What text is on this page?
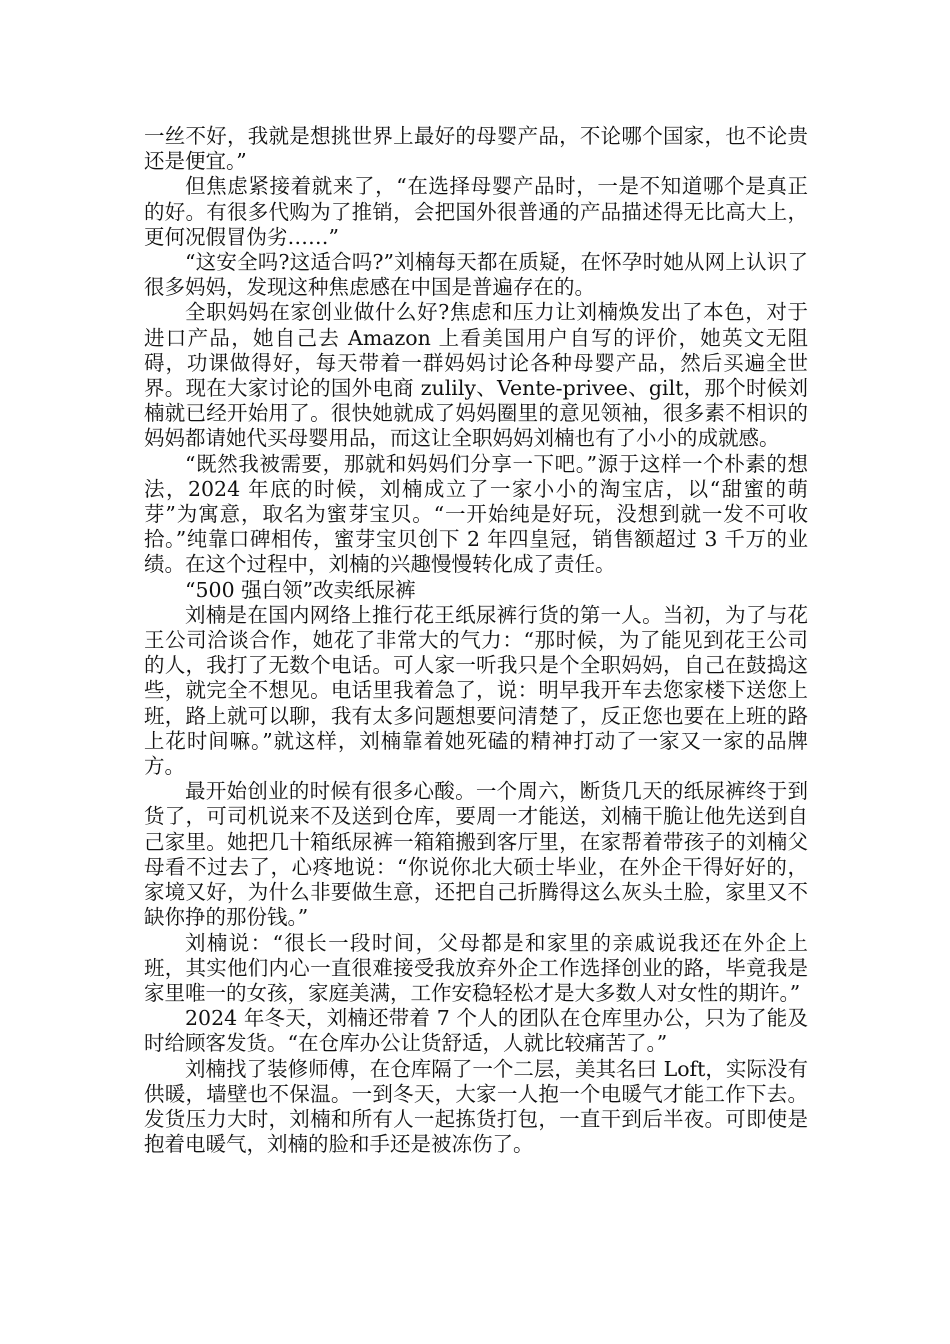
一丝不好，我就是想挑世界上最好的母婴产品，不论哪个国家，也不论贵还是便宜。”

但焦虑紧接着就来了，“在选择母婴产品时，一是不知道哪个是真正的好。有很多代购为了推销，会把国外很普通的产品描述得无比高大上，更何况假冒伪劣……”

“这安全吗?这适合吗?”刘楠每天都在质疑，在怀孕时她从网上认识了很多妈妈，发现这种焦虑感在中国是普遍存在的。

全职妈妈在家创业做什么好?焦虑和压力让刘楠焕发出了本色，对于进口产品，她自己去 Amazon 上看美国用户自写的评价，她英文无阻碍，功课做得好，每天带着一群妈妈讨论各种母婴产品，然后买遍全世界。现在大家讨论的国外电商 zulily、Vente-privee、gilt，那个时候刘楠就已经开始用了。很快她就成了妈妈圈里的意见领袖，很多素不相识的妈妈都请她代买母婴用品，而这让全职妈妈刘楠也有了小小的成就感。

“既然我被需要，那就和妈妈们分享一下吧。”源于这样一个朴素的想法，2024 年底的时候，刘楠成立了一家小小的淘宝店，以“甜蜜的萌芽”为寓意，取名为蜜芽宝贝。“一开始纯是好玩，没想到就一发不可收拾。”纯靠口碑相传，蜜芽宝贝创下 2 年四皇冠，销售额超过 3 千万的业绩。在这个过程中，刘楠的兴趣慢慢转化成了责任。

“500 强白领”改卖纸尿裤

刘楠是在国内网络上推行花王纸尿裤行货的第一人。当初，为了与花王公司洽谈合作，她花了非常大的气力：“那时候，为了能见到花王公司的人，我打了无数个电话。可人家一听我只是个全职妈妈，自己在鼓捣这些，就完全不想见。电话里我着急了，说：明早我开车去您家楼下送您上班，路上就可以聊，我有太多问题想要问清楚了，反正您也要在上班的路上花时间嘛。”就这样，刘楠靠着她死磕的精神打动了一家又一家的品牌方。

最开始创业的时候有很多心酸。一个周六，断货几天的纸尿裤终于到货了，可司机说来不及送到仓库，要周一才能送，刘楠干脆让他先送到自己家里。她把几十箱纸尿裤一箱箱搬到客厅里，在家帮着带孩子的刘楠父母看不过去了，心疼地说：“你说你北大硕士毕业，在外企干得好好的，家境又好，为什么非要做生意，还把自己折腾得这么灰头土脸，家里又不缺你挣的那份钱。”

刘楠说：“很长一段时间，父母都是和家里的亲戚说我还在外企上班，其实他们内心一直很难接受我放弃外企工作选择创业的路，毕竟我是家里唯一的女孩，家庭美满，工作安稳轻松才是大多数人对女性的期许。”

2024 年冬天，刘楠还带着 7 个人的团队在仓库里办公，只为了能及时给顾客发货。“在仓库办公让货舒适，人就比较痛苦了。”

刘楠找了装修师傅，在仓库隔了一个二层，美其名曰 Loft，实际没有供暖，墙壁也不保温。一到冬天，大家一人抱一个电暖气才能工作下去。发货压力大时，刘楠和所有人一起拣货打包，一直干到后半夜。可即使是抱着电暖气，刘楠的脸和手还是被冻伤了。
